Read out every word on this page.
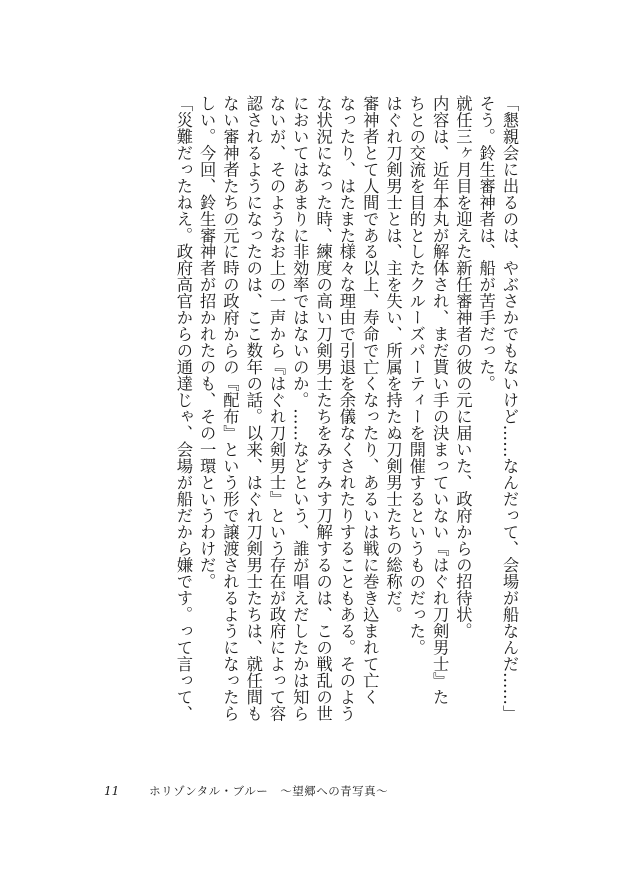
「懇親会に出るのは、やぶさかでもないけど……なんだって、会場が船なんだ……」
そう。鈴生審神者は、船が苦手だった。
就任三ヶ月目を迎えた新任審神者の彼の元に届いた、政府からの招待状。
内容は、近年本丸が解体され、まだ貰い手の決まっていない『はぐれ刀剣男士』た
ちとの交流を目的としたクルーズパーティーを開催するというものだった。
はぐれ刀剣男士とは、主を失い、所属を持たぬ刀剣男士たちの総称だ。
審神者とて人間である以上、寿命で亡くなったり、あるいは戦に巻き込まれて亡く
なったり、はたまた様々な理由で引退を余儀なくされたりすることもある。そのよう
な状況になった時、練度の高い刀剣男士たちをみすみす刀解するのは、この戦乱の世
においてはあまりに非効率ではないのか。……などという、誰が唱えだしたかは知ら
ないが、そのようなお上の一声から『はぐれ刀剣男士』という存在が政府によって容
認されるようになったのは、ここ数年の話。以来、はぐれ刀剣男士たちは、就任間も
ない審神者たちの元に時の政府からの『配布』という形で譲渡されるようになったら
しい。今回、鈴生審神者が招かれたのも、その一環というわけだ。
「災難だったねえ。政府高官からの通達じゃ、会場が船だから嫌です。って言って、
11	ホリゾンタル・ブルー　〜望郷への青写真〜
